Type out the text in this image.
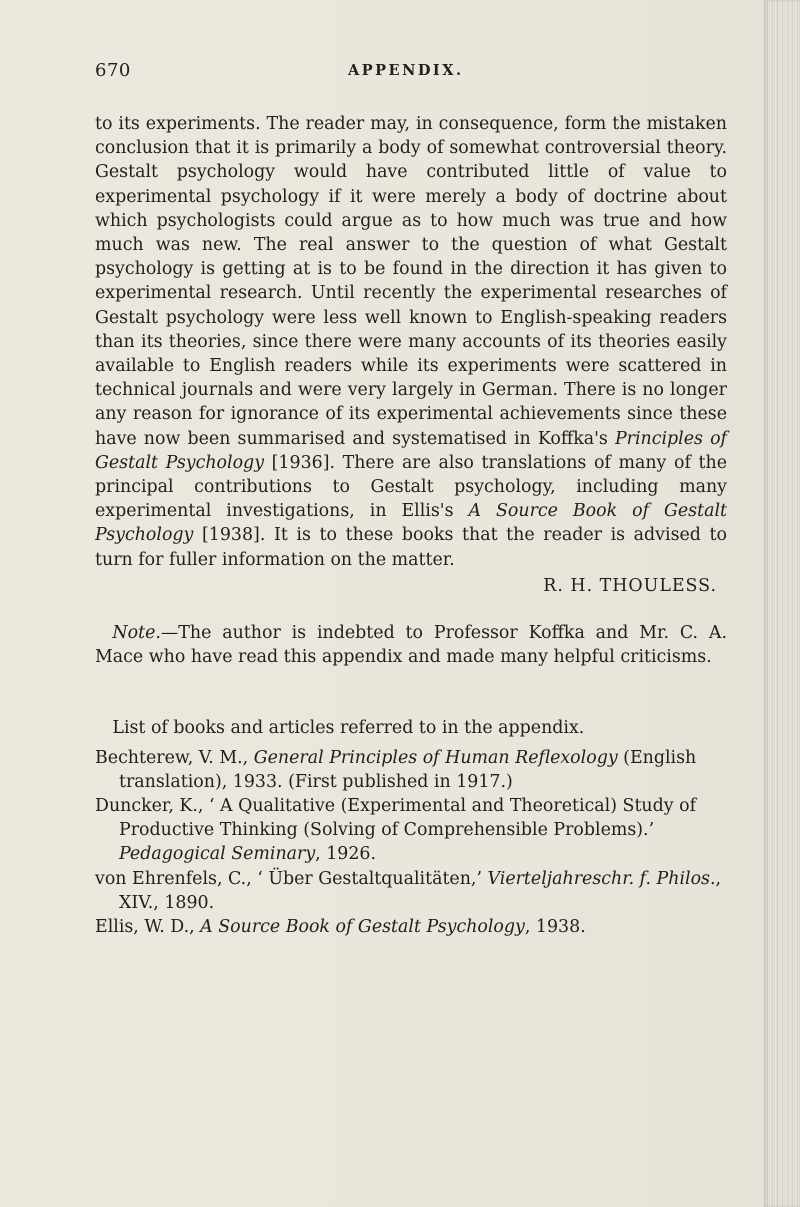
670	APPENDIX.

to its experiments. The reader may, in consequence, form the mistaken conclusion that it is primarily a body of somewhat controversial theory. Gestalt psychology would have contributed little of value to experimental psychology if it were merely a body of doctrine about which psychologists could argue as to how much was true and how much was new. The real answer to the question of what Gestalt psychology is getting at is to be found in the direction it has given to experimental research. Until recently the experimental researches of Gestalt psychology were less well known to English-speaking readers than its theories, since there were many accounts of its theories easily available to English readers while its experiments were scattered in technical journals and were very largely in German. There is no longer any reason for ignorance of its experimental achievements since these have now been summarised and systematised in Koffka's Principles of Gestalt Psychology [1936]. There are also translations of many of the principal contributions to Gestalt psychology, including many experimental investigations, in Ellis's A Source Book of Gestalt Psychology [1938]. It is to these books that the reader is advised to turn for fuller information on the matter.

R. H. THOULESS.

 Note.—The author is indebted to Professor Koffka and Mr. C. A. Mace who have read this appendix and made many helpful criticisms.

 List of books and articles referred to in the appendix.

Bechterew, V. M., General Principles of Human Reflexology (English translation), 1933. (First published in 1917.)
Duncker, K., ‘ A Qualitative (Experimental and Theoretical) Study of Productive Thinking (Solving of Comprehensible Problems).’ Pedagogical Seminary, 1926.
von Ehrenfels, C., ‘ Über Gestaltqualitäten,’ Vierteljahreschr. f. Philos., XIV., 1890.
Ellis, W. D., A Source Book of Gestalt Psychology, 1938.
